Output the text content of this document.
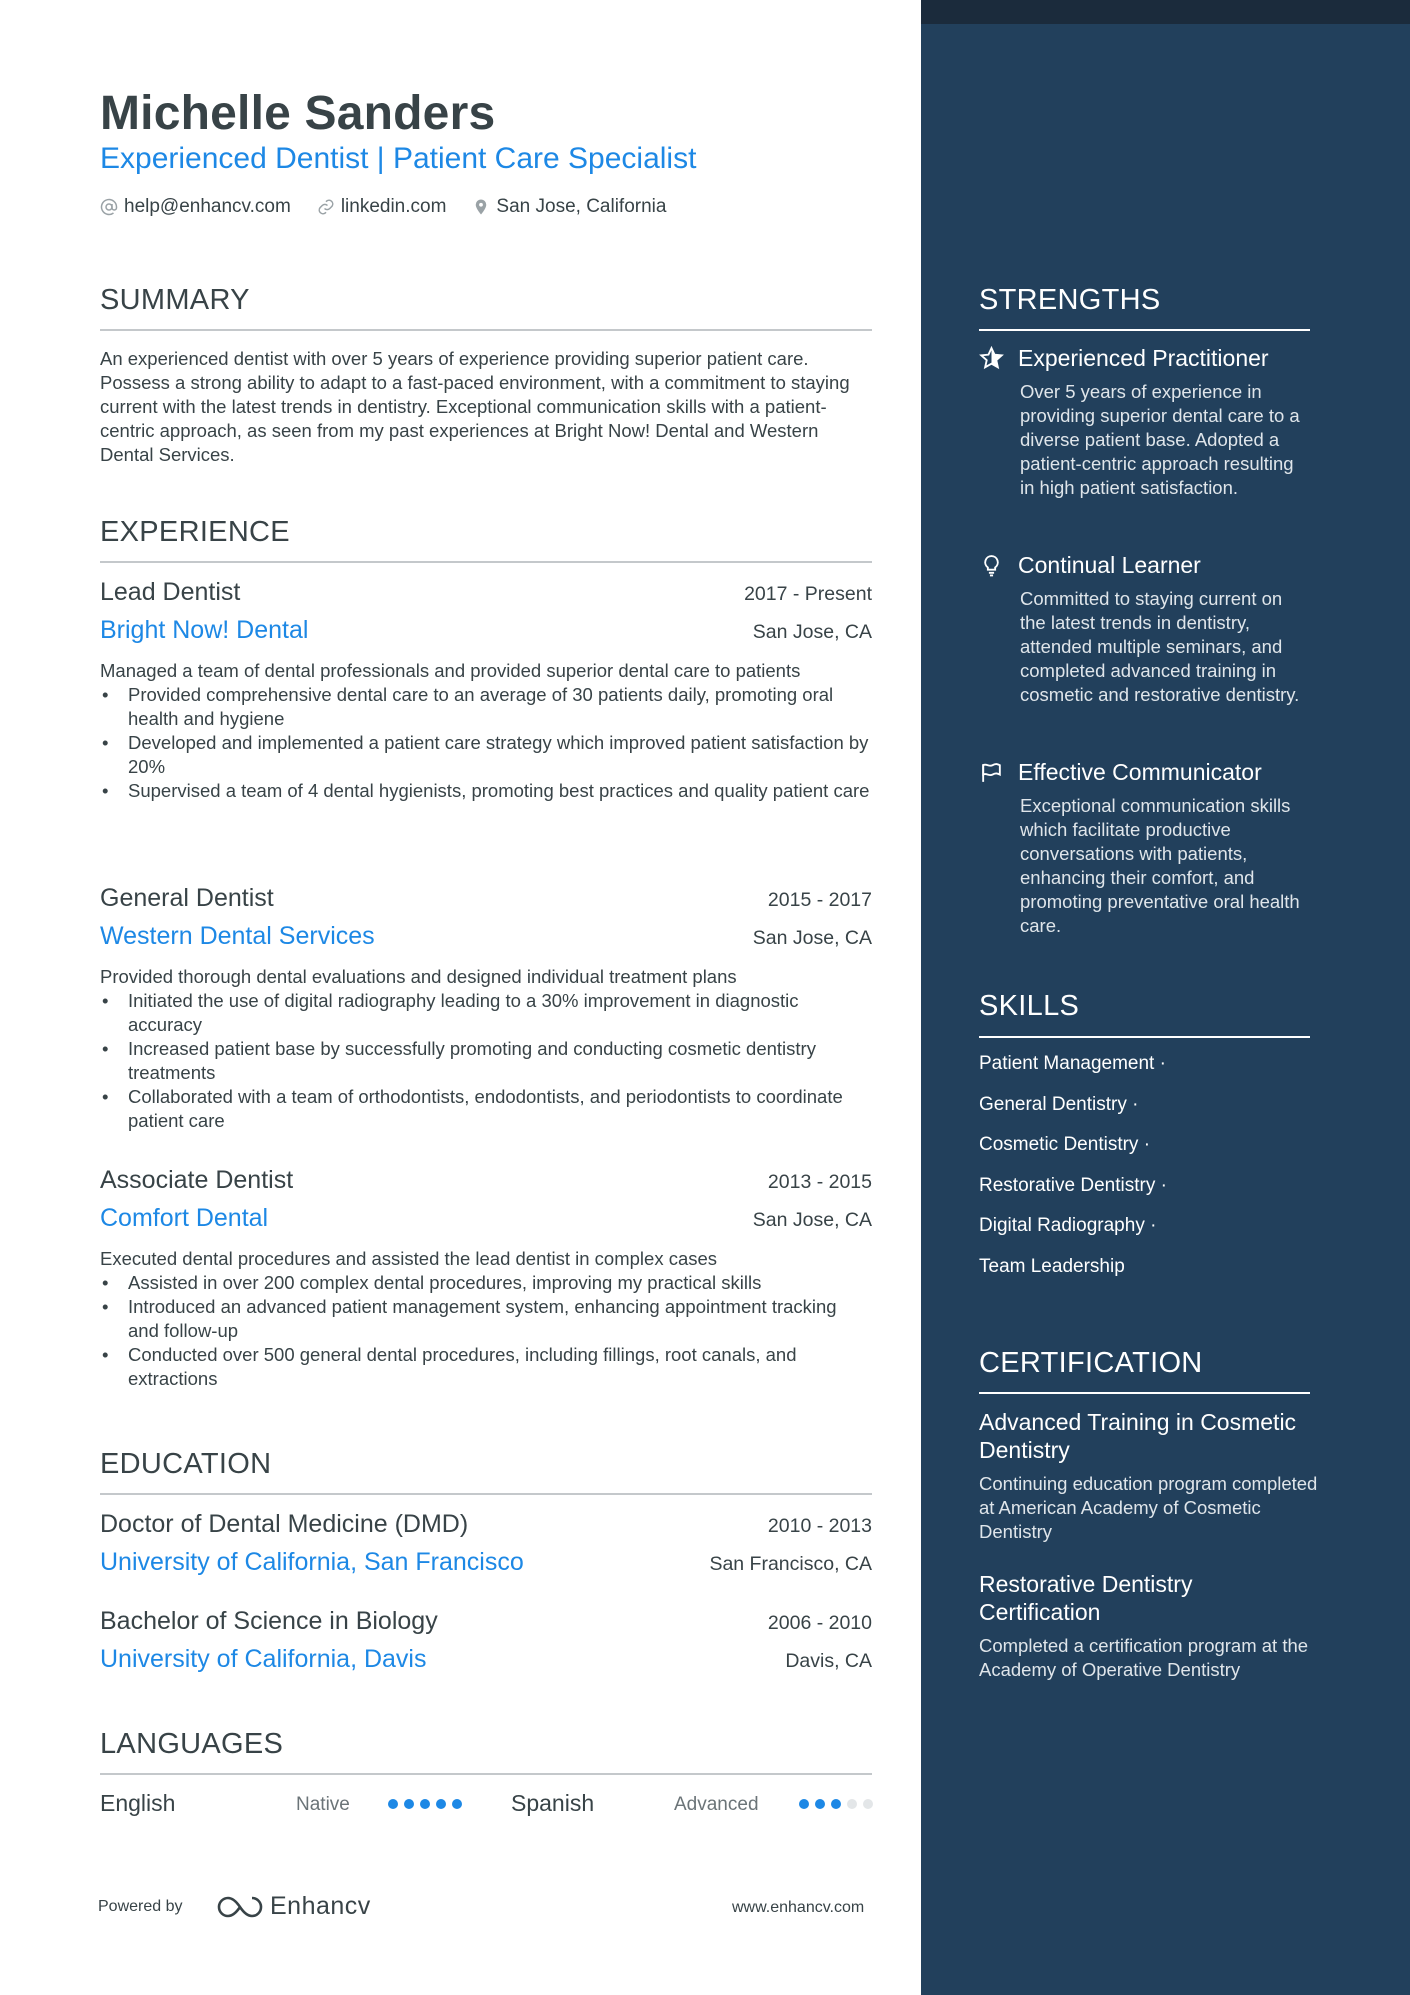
Michelle Sanders
Experienced Dentist | Patient Care Specialist
help@enhancv.com	linkedin.com	San Jose, California
SUMMARY
An experienced dentist with over 5 years of experience providing superior patient care. Possess a strong ability to adapt to a fast-paced environment, with a commitment to staying current with the latest trends in dentistry. Exceptional communication skills with a patient-centric approach, as seen from my past experiences at Bright Now! Dental and Western Dental Services.
EXPERIENCE
Lead Dentist	2017 - Present
Bright Now! Dental	San Jose, CA
Managed a team of dental professionals and provided superior dental care to patients
• Provided comprehensive dental care to an average of 30 patients daily, promoting oral health and hygiene
• Developed and implemented a patient care strategy which improved patient satisfaction by 20%
• Supervised a team of 4 dental hygienists, promoting best practices and quality patient care
General Dentist	2015 - 2017
Western Dental Services	San Jose, CA
Provided thorough dental evaluations and designed individual treatment plans
• Initiated the use of digital radiography leading to a 30% improvement in diagnostic accuracy
• Increased patient base by successfully promoting and conducting cosmetic dentistry treatments
• Collaborated with a team of orthodontists, endodontists, and periodontists to coordinate patient care
Associate Dentist	2013 - 2015
Comfort Dental	San Jose, CA
Executed dental procedures and assisted the lead dentist in complex cases
• Assisted in over 200 complex dental procedures, improving my practical skills
• Introduced an advanced patient management system, enhancing appointment tracking and follow-up
• Conducted over 500 general dental procedures, including fillings, root canals, and extractions
EDUCATION
Doctor of Dental Medicine (DMD)	2010 - 2013
University of California, San Francisco	San Francisco, CA
Bachelor of Science in Biology	2006 - 2010
University of California, Davis	Davis, CA
LANGUAGES
English	Native	Spanish	Advanced
Powered by	Enhancv	www.enhancv.com
STRENGTHS
Experienced Practitioner
Over 5 years of experience in providing superior dental care to a diverse patient base. Adopted a patient-centric approach resulting in high patient satisfaction.
Continual Learner
Committed to staying current on the latest trends in dentistry, attended multiple seminars, and completed advanced training in cosmetic and restorative dentistry.
Effective Communicator
Exceptional communication skills which facilitate productive conversations with patients, enhancing their comfort, and promoting preventative oral health care.
SKILLS
Patient Management ·
General Dentistry ·
Cosmetic Dentistry ·
Restorative Dentistry ·
Digital Radiography ·
Team Leadership
CERTIFICATION
Advanced Training in Cosmetic Dentistry
Continuing education program completed at American Academy of Cosmetic Dentistry
Restorative Dentistry Certification
Completed a certification program at the Academy of Operative Dentistry
